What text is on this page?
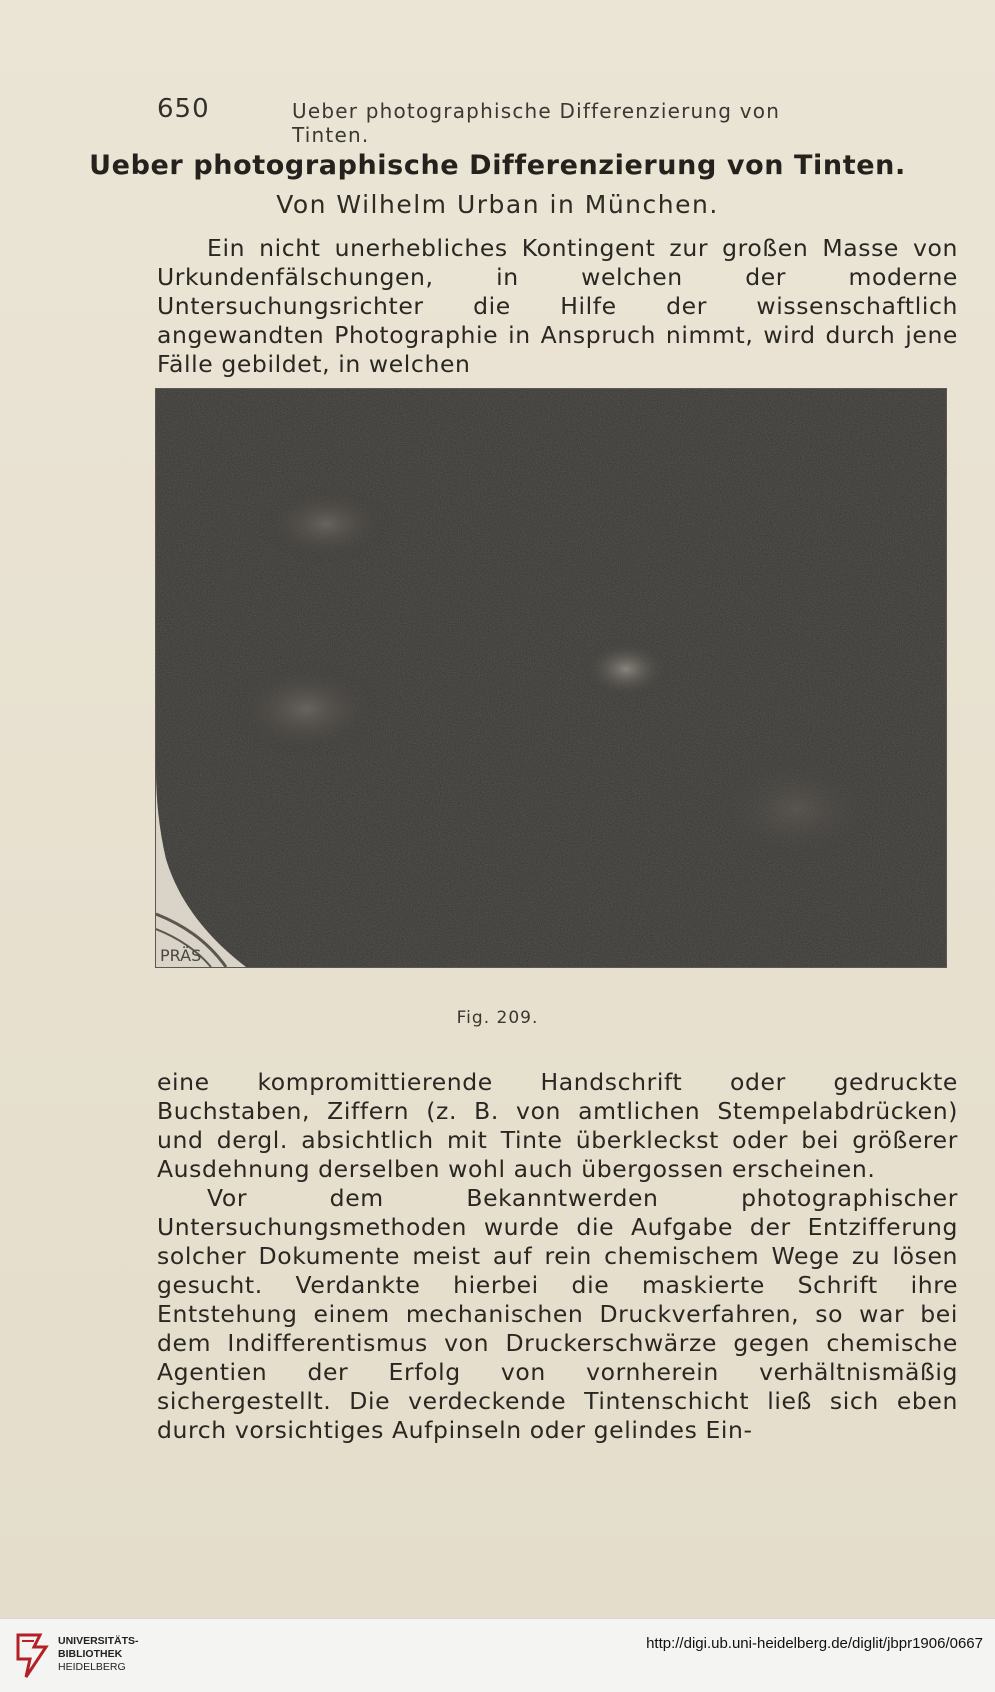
650	Ueber photographische Differenzierung von Tinten.
Ueber photographische Differenzierung von Tinten.
Von Wilhelm Urban in München.

Ein nicht unerhebliches Kontingent zur großen Masse von Urkundenfälschungen, in welchen der moderne Untersuchungsrichter die Hilfe der wissenschaftlich angewandten Photographie in Anspruch nimmt, wird durch jene Fälle gebildet, in welchen

PRÄS
Fig. 209.

eine kompromittierende Handschrift oder gedruckte Buchstaben, Ziffern (z. B. von amtlichen Stempelabdrücken) und dergl. absichtlich mit Tinte überkleckst oder bei größerer Ausdehnung derselben wohl auch übergossen erscheinen.

Vor dem Bekanntwerden photographischer Untersuchungsmethoden wurde die Aufgabe der Entzifferung solcher Dokumente meist auf rein chemischem Wege zu lösen gesucht. Verdankte hierbei die maskierte Schrift ihre Entstehung einem mechanischen Druckverfahren, so war bei dem Indifferentismus von Druckerschwärze gegen chemische Agentien der Erfolg von vornherein verhältnismäßig sichergestellt. Die verdeckende Tintenschicht ließ sich eben durch vorsichtiges Aufpinseln oder gelindes Ein-

UNIVERSITÄTS-
BIBLIOTHEK
HEIDELBERG
http://digi.ub.uni-heidelberg.de/diglit/jbpr1906/0667
